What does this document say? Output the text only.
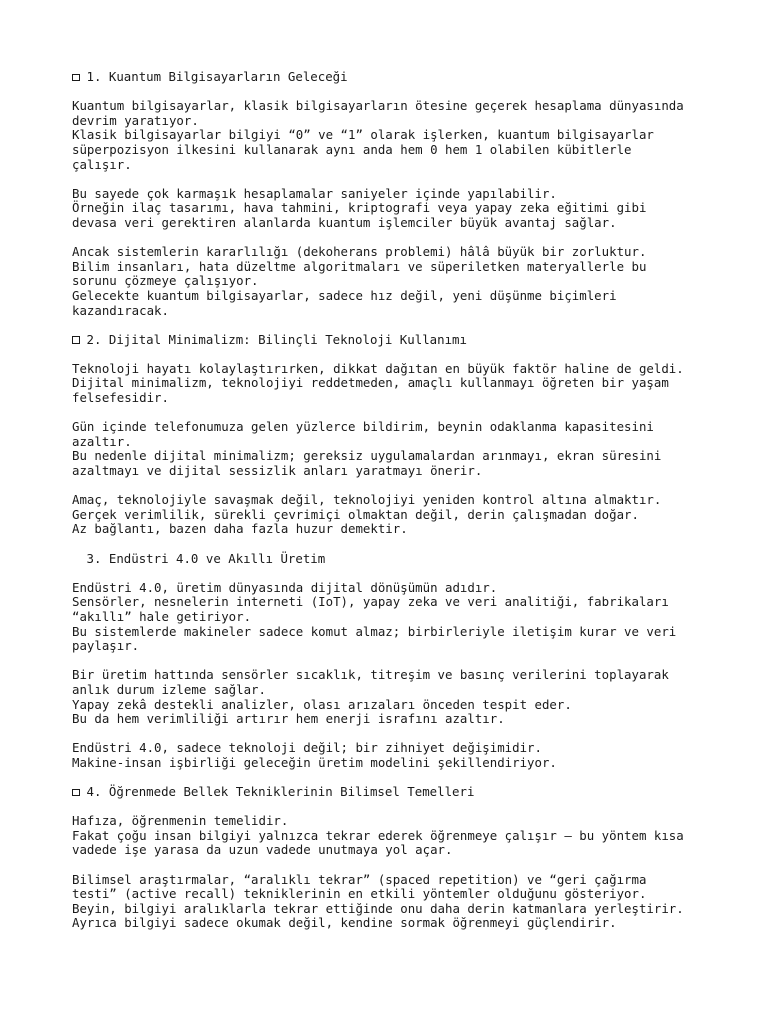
1. Kuantum Bilgisayarların Geleceği
Kuantum bilgisayarlar, klasik bilgisayarların ötesine geçerek hesaplama dünyasında
devrim yaratıyor.
Klasik bilgisayarlar bilgiyi “0” ve “1” olarak işlerken, kuantum bilgisayarlar
süperpozisyon ilkesini kullanarak aynı anda hem 0 hem 1 olabilen kübitlerle
çalışır.
Bu sayede çok karmaşık hesaplamalar saniyeler içinde yapılabilir.
Örneğin ilaç tasarımı, hava tahmini, kriptografi veya yapay zeka eğitimi gibi
devasa veri gerektiren alanlarda kuantum işlemciler büyük avantaj sağlar.
Ancak sistemlerin kararlılığı (dekoherans problemi) hâlâ büyük bir zorluktur.
Bilim insanları, hata düzeltme algoritmaları ve süperiletken materyallerle bu
sorunu çözmeye çalışıyor.
Gelecekte kuantum bilgisayarlar, sadece hız değil, yeni düşünme biçimleri
kazandıracak.
2. Dijital Minimalizm: Bilinçli Teknoloji Kullanımı
Teknoloji hayatı kolaylaştırırken, dikkat dağıtan en büyük faktör haline de geldi.
Dijital minimalizm, teknolojiyi reddetmeden, amaçlı kullanmayı öğreten bir yaşam
felsefesidir.
Gün içinde telefonumuza gelen yüzlerce bildirim, beynin odaklanma kapasitesini
azaltır.
Bu nedenle dijital minimalizm; gereksiz uygulamalardan arınmayı, ekran süresini
azaltmayı ve dijital sessizlik anları yaratmayı önerir.
Amaç, teknolojiyle savaşmak değil, teknolojiyi yeniden kontrol altına almaktır.
Gerçek verimlilik, sürekli çevrimiçi olmaktan değil, derin çalışmadan doğar.
Az bağlantı, bazen daha fazla huzur demektir.
3. Endüstri 4.0 ve Akıllı Üretim
Endüstri 4.0, üretim dünyasında dijital dönüşümün adıdır.
Sensörler, nesnelerin interneti (IoT), yapay zeka ve veri analitiği, fabrikaları
“akıllı” hale getiriyor.
Bu sistemlerde makineler sadece komut almaz; birbirleriyle iletişim kurar ve veri
paylaşır.
Bir üretim hattında sensörler sıcaklık, titreşim ve basınç verilerini toplayarak
anlık durum izleme sağlar.
Yapay zekâ destekli analizler, olası arızaları önceden tespit eder.
Bu da hem verimliliği artırır hem enerji israfını azaltır.
Endüstri 4.0, sadece teknoloji değil; bir zihniyet değişimidir.
Makine-insan işbirliği geleceğin üretim modelini şekillendiriyor.
4. Öğrenmede Bellek Tekniklerinin Bilimsel Temelleri
Hafıza, öğrenmenin temelidir.
Fakat çoğu insan bilgiyi yalnızca tekrar ederek öğrenmeye çalışır — bu yöntem kısa
vadede işe yarasa da uzun vadede unutmaya yol açar.
Bilimsel araştırmalar, “aralıklı tekrar” (spaced repetition) ve “geri çağırma
testi” (active recall) tekniklerinin en etkili yöntemler olduğunu gösteriyor.
Beyin, bilgiyi aralıklarla tekrar ettiğinde onu daha derin katmanlara yerleştirir.
Ayrıca bilgiyi sadece okumak değil, kendine sormak öğrenmeyi güçlendirir.
